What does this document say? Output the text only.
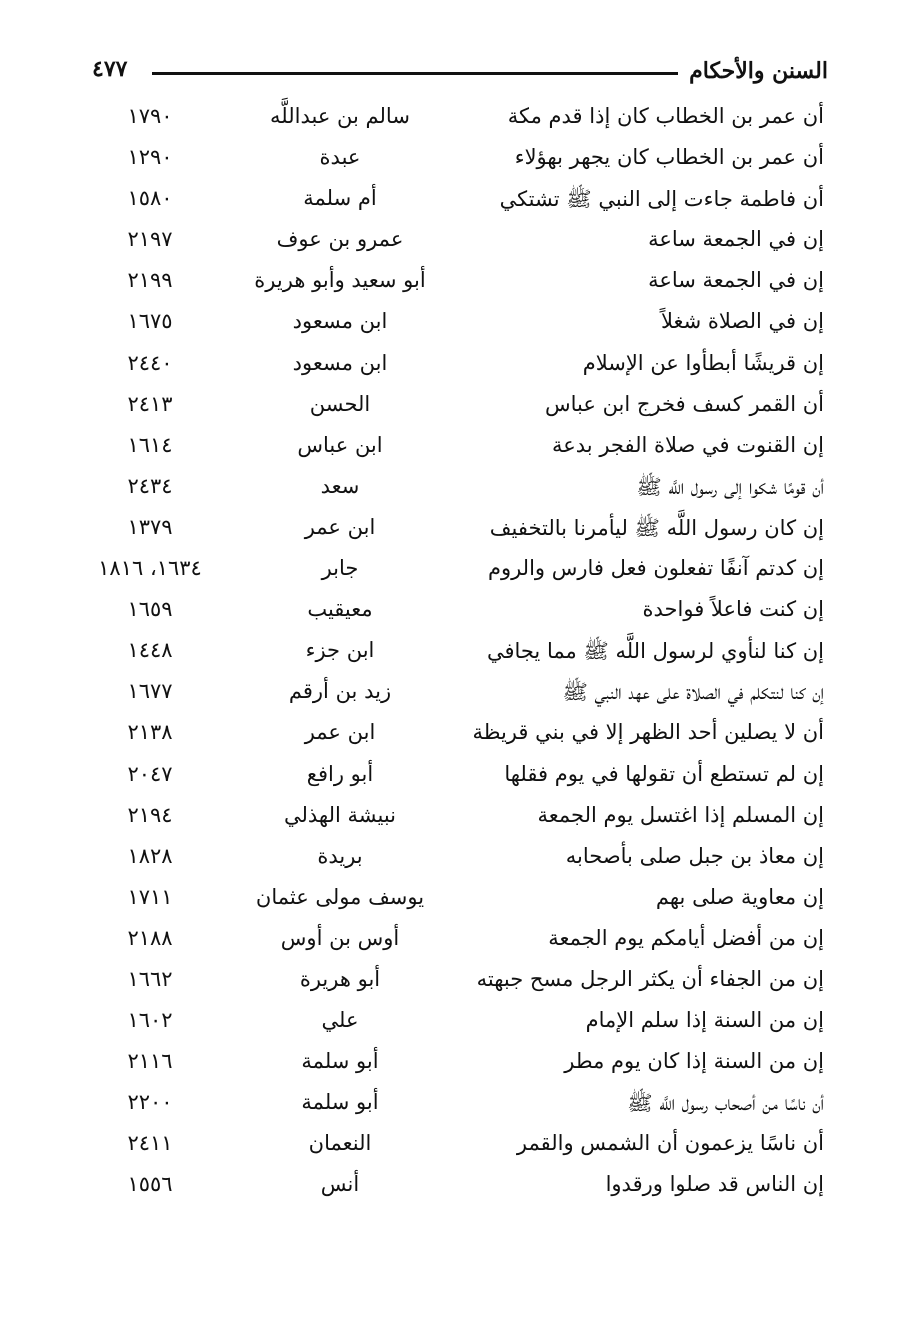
السنن والأحكام
٤٧٧
أن عمر بن الخطاب كان إذا قدم مكة
سالم بن عبداللَّه
١٧٩٠
أن عمر بن الخطاب كان يجهر بهؤلاء
عبدة
١٢٩٠
أن فاطمة جاءت إلى النبي ﷺ تشتكي
أم سلمة
١٥٨٠
إن في الجمعة ساعة
عمرو بن عوف
٢١٩٧
إن في الجمعة ساعة
أبو سعيد وأبو هريرة
٢١٩٩
إن في الصلاة شغلاً
ابن مسعود
١٦٧٥
إن قريشًا أبطأوا عن الإسلام
ابن مسعود
٢٤٤٠
أن القمر كسف فخرج ابن عباس
الحسن
٢٤١٣
إن القنوت في صلاة الفجر بدعة
ابن عباس
١٦١٤
أن قومًا شكوا إلى رسول اللَّه ﷺ
سعد
٢٤٣٤
إن كان رسول اللَّه ﷺ ليأمرنا بالتخفيف
ابن عمر
١٣٧٩
إن كدتم آنفًا تفعلون فعل فارس والروم
جابر
١٦٣٤، ١٨١٦
إن كنت فاعلاً فواحدة
معيقيب
١٦٥٩
إن كنا لنأوي لرسول اللَّه ﷺ مما يجافي
ابن جزء
١٤٤٨
إن كنا لنتكلم في الصلاة على عهد النبي ﷺ
زيد بن أرقم
١٦٧٧
أن لا يصلين أحد الظهر إلا في بني قريظة
ابن عمر
٢١٣٨
إن لم تستطع أن تقولها في يوم فقلها
أبو رافع
٢٠٤٧
إن المسلم إذا اغتسل يوم الجمعة
نبيشة الهذلي
٢١٩٤
إن معاذ بن جبل صلى بأصحابه
بريدة
١٨٢٨
إن معاوية صلى بهم
يوسف مولى عثمان
١٧١١
إن من أفضل أيامكم يوم الجمعة
أوس بن أوس
٢١٨٨
إن من الجفاء أن يكثر الرجل مسح جبهته
أبو هريرة
١٦٦٢
إن من السنة إذا سلم الإمام
علي
١٦٠٢
إن من السنة إذا كان يوم مطر
أبو سلمة
٢١١٦
أن ناسًا من أصحاب رسول اللَّه ﷺ
أبو سلمة
٢٢٠٠
أن ناسًا يزعمون أن الشمس والقمر
النعمان
٢٤١١
إن الناس قد صلوا ورقدوا
أنس
١٥٥٦
